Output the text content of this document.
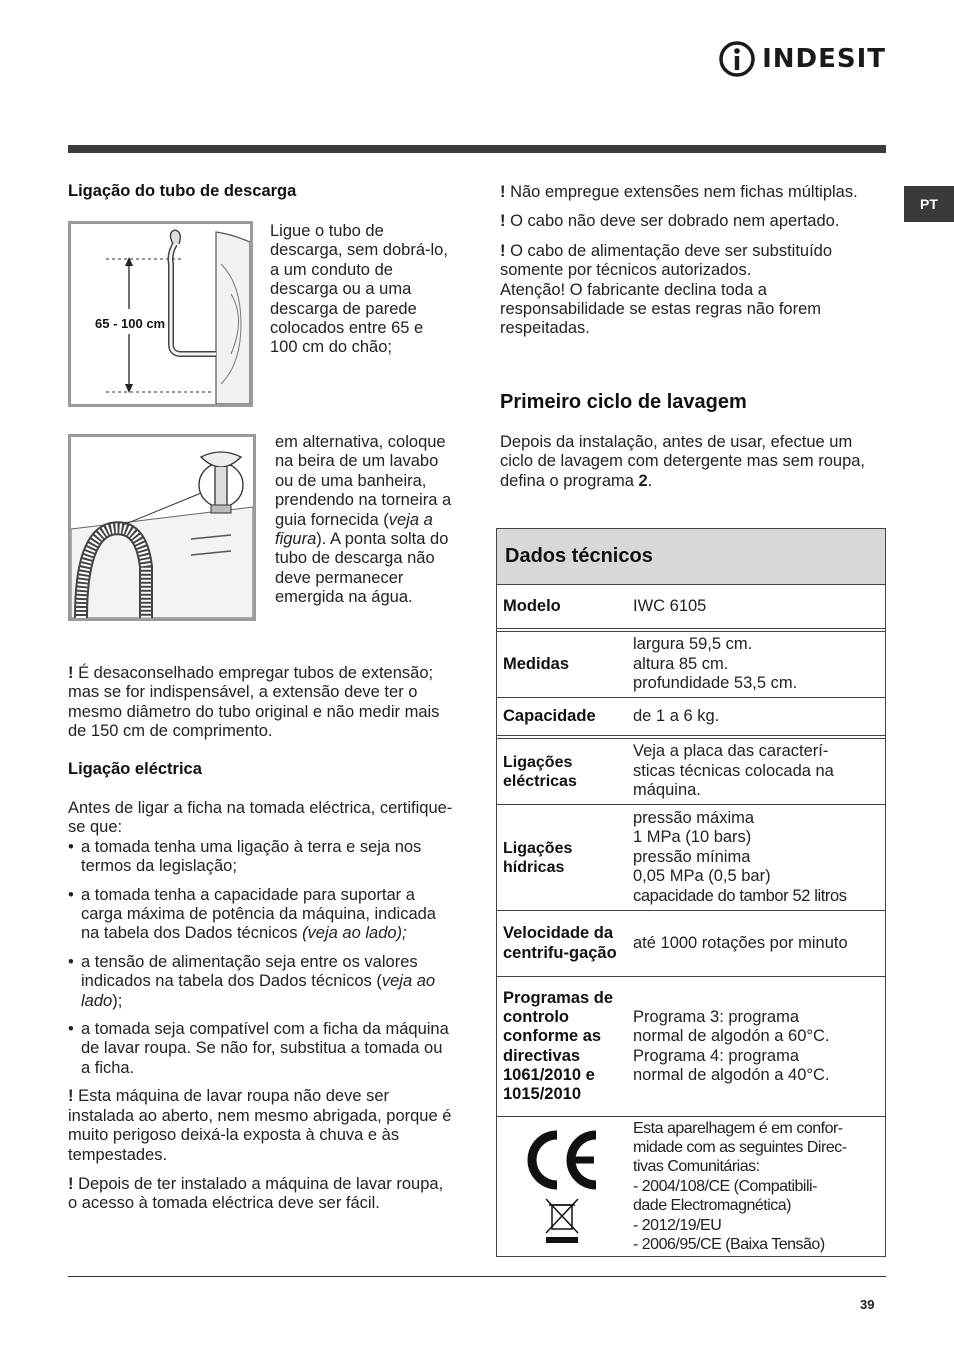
INDESIT
PT
Ligação do tubo de descarga
65 - 100 cm
Ligue o tubo de descarga, sem dobrá-lo, a um conduto de descarga ou a uma descarga de parede colocados entre 65 e 100 cm do chão;
em alternativa, coloque na beira de um lavabo ou de uma banheira, prendendo na torneira a guia fornecida (veja a figura). A ponta solta do tubo de descarga não deve permanecer emergida na água.
! É desaconselhado empregar tubos de extensão; mas se for indispensável, a extensão deve ter o mesmo diâmetro do tubo original e não medir mais de 150 cm de comprimento.
Ligação eléctrica
Antes de ligar a ficha na tomada eléctrica, certifique-se que:
• a tomada tenha uma ligação à terra e seja nos termos da legislação;
• a tomada tenha a capacidade para suportar a carga máxima de potência da máquina, indicada na tabela dos Dados técnicos (veja ao lado);
• a tensão de alimentação seja entre os valores indicados na tabela dos Dados técnicos (veja ao lado);
• a tomada seja compatível com a ficha da máquina de lavar roupa. Se não for, substitua a tomada ou a ficha.

! Esta máquina de lavar roupa não deve ser instalada ao aberto, nem mesmo abrigada, porque é muito perigoso deixá-la exposta à chuva e às tempestades.

! Depois de ter instalado a máquina de lavar roupa, o acesso à tomada eléctrica deve ser fácil.

! Não empregue extensões nem fichas múltiplas.

! O cabo não deve ser dobrado nem apertado.

! O cabo de alimentação deve ser substituído somente por técnicos autorizados.
Atenção! O fabricante declina toda a responsabilidade se estas regras não forem respeitadas.
Primeiro ciclo de lavagem
Depois da instalação, antes de usar, efectue um ciclo de lavagem com detergente mas sem roupa, defina o programa 2.
Dados técnicos
Modelo	IWC 6105
Medidas
largura 59,5 cm.
altura 85 cm.
profundidade 53,5 cm.
Capacidade	de 1 a 6 kg.
Ligações eléctricas
Veja a placa das caracterí-
sticas técnicas colocada na
máquina.
Ligações hídricas
pressão máxima
1 MPa (10 bars)
pressão mínima
0,05 MPa (0,5 bar)
capacidade do tambor 52 litros
Velocidade da centrifu-gação
até 1000 rotações por minuto
Programas de controlo conforme as directivas 1061/2010 e 1015/2010
Programa 3: programa
normal de algodón a 60°C.
Programa 4: programa
normal de algodón a 40°C.
Esta aparelhagem é em confor-
midade com as seguintes Direc-
tivas Comunitárias:
- 2004/108/CE (Compatibili-
dade Electromagnética)
- 2012/19/EU
- 2006/95/CE (Baixa Tensão)
39
